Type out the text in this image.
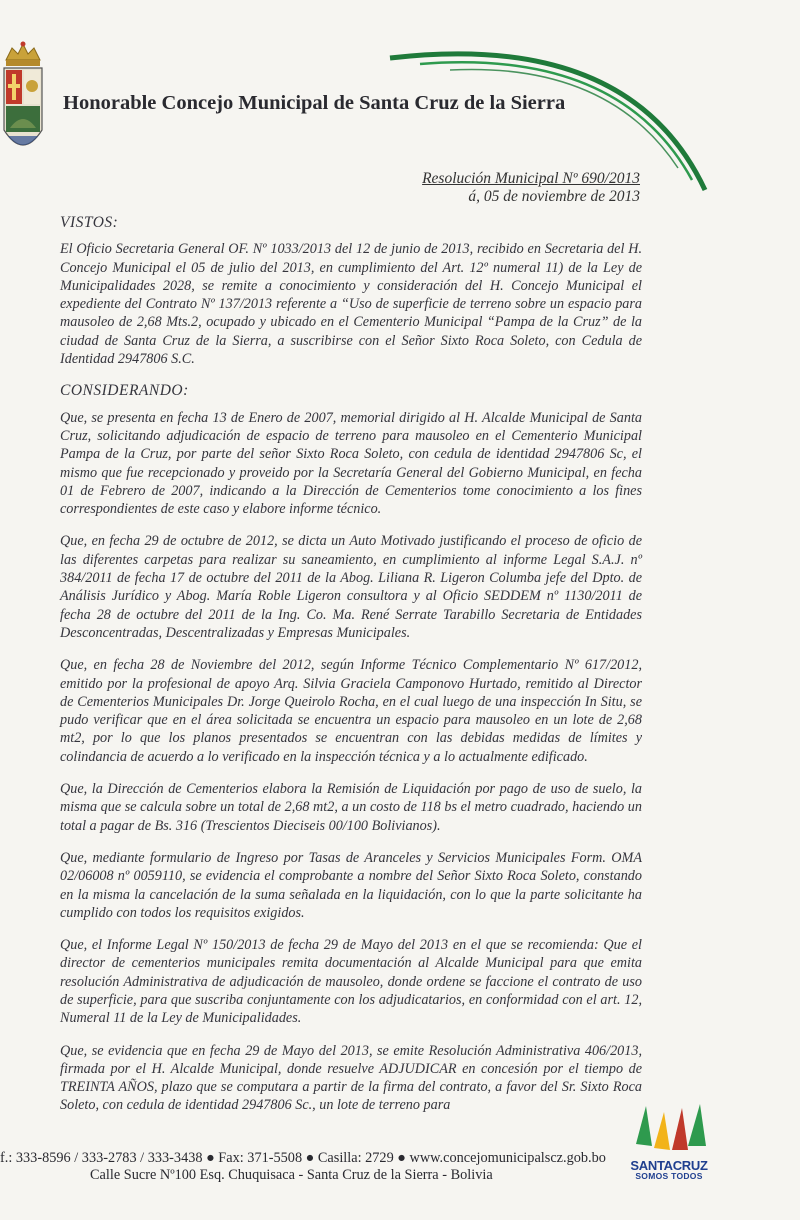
Honorable Concejo Municipal de Santa Cruz de la Sierra
Resolución Municipal Nº 690/2013
á, 05 de noviembre de 2013
VISTOS:

El Oficio Secretaria General OF. Nº 1033/2013 del 12 de junio de 2013, recibido en Secretaria del H. Concejo Municipal el 05 de julio del 2013, en cumplimiento del Art. 12º numeral 11) de la Ley de Municipalidades 2028, se remite a conocimiento y consideración del H. Concejo Municipal el expediente del Contrato Nº 137/2013 referente a “Uso de superficie de terreno sobre un espacio para mausoleo de 2,68 Mts.2, ocupado y ubicado en el Cementerio Municipal “Pampa de la Cruz” de la ciudad de Santa Cruz de la Sierra, a suscribirse con el Señor Sixto Roca Soleto, con Cedula de Identidad 2947806 S.C.

CONSIDERANDO:

Que, se presenta en fecha 13 de Enero de 2007, memorial dirigido al H. Alcalde Municipal de Santa Cruz, solicitando adjudicación de espacio de terreno para mausoleo en el Cementerio Municipal Pampa de la Cruz, por parte del señor Sixto Roca Soleto, con cedula de identidad 2947806 Sc, el mismo que fue recepcionado y proveido por la Secretaría General del Gobierno Municipal, en fecha 01 de Febrero de 2007, indicando a la Dirección de Cementerios tome conocimiento a los fines correspondientes de este caso y elabore informe técnico.

Que, en fecha 29 de octubre de 2012, se dicta un Auto Motivado justificando el proceso de oficio de las diferentes carpetas para realizar su saneamiento, en cumplimiento al informe Legal S.A.J. nº 384/2011 de fecha 17 de octubre del 2011 de la Abog. Liliana R. Ligeron Columba jefe del Dpto. de Análisis Jurídico y Abog. María Roble Ligeron consultora y al Oficio SEDDEM nº 1130/2011 de fecha 28 de octubre del 2011 de la Ing. Co. Ma. René Serrate Tarabillo Secretaria de Entidades Desconcentradas, Descentralizadas y Empresas Municipales.

Que, en fecha 28 de Noviembre del 2012, según Informe Técnico Complementario Nº 617/2012, emitido por la profesional de apoyo Arq. Silvia Graciela Camponovo Hurtado, remitido al Director de Cementerios Municipales Dr. Jorge Queirolo Rocha, en el cual luego de una inspección In Situ, se pudo verificar que en el área solicitada se encuentra un espacio para mausoleo en un lote de 2,68 mt2, por lo que los planos presentados se encuentran con las debidas medidas de límites y colindancia de acuerdo a lo verificado en la inspección técnica y a lo actualmente edificado.

Que, la Dirección de Cementerios elabora la Remisión de Liquidación por pago de uso de suelo, la misma que se calcula sobre un total de 2,68 mt2, a un costo de 118 bs el metro cuadrado, haciendo un total a pagar de Bs. 316 (Trescientos Dieciseis 00/100 Bolivianos).

Que, mediante formulario de Ingreso por Tasas de Aranceles y Servicios Municipales Form. OMA 02/06008 nº 0059110, se evidencia el comprobante a nombre del Señor Sixto Roca Soleto, constando en la misma la cancelación de la suma señalada en la liquidación, con lo que la parte solicitante ha cumplido con todos los requisitos exigidos.

Que, el Informe Legal Nº 150/2013 de fecha 29 de Mayo del 2013 en el que se recomienda: Que el director de cementerios municipales remita documentación al Alcalde Municipal para que emita resolución Administrativa de adjudicación de mausoleo, donde ordene se faccione el contrato de uso de superficie, para que suscriba conjuntamente con los adjudicatarios, en conformidad con el art. 12, Numeral 11 de la Ley de Municipalidades.

Que, se evidencia que en fecha 29 de Mayo del 2013, se emite Resolución Administrativa 406/2013, firmada por el H. Alcalde Municipal, donde resuelve ADJUDICAR en concesión por el tiempo de TREINTA AÑOS, plazo que se computara a partir de la firma del contrato, a favor del Sr. Sixto Roca Soleto, con cedula de identidad 2947806 Sc., un lote de terreno para

f.: 333-8596 / 333-2783 / 333-3438 ● Fax: 371-5508 ● Casilla: 2729 ● www.concejomunicipalscz.gob.bo
Calle Sucre Nº100 Esq. Chuquisaca - Santa Cruz de la Sierra - Bolivia
SANTACRUZ
SOMOS TODOS
